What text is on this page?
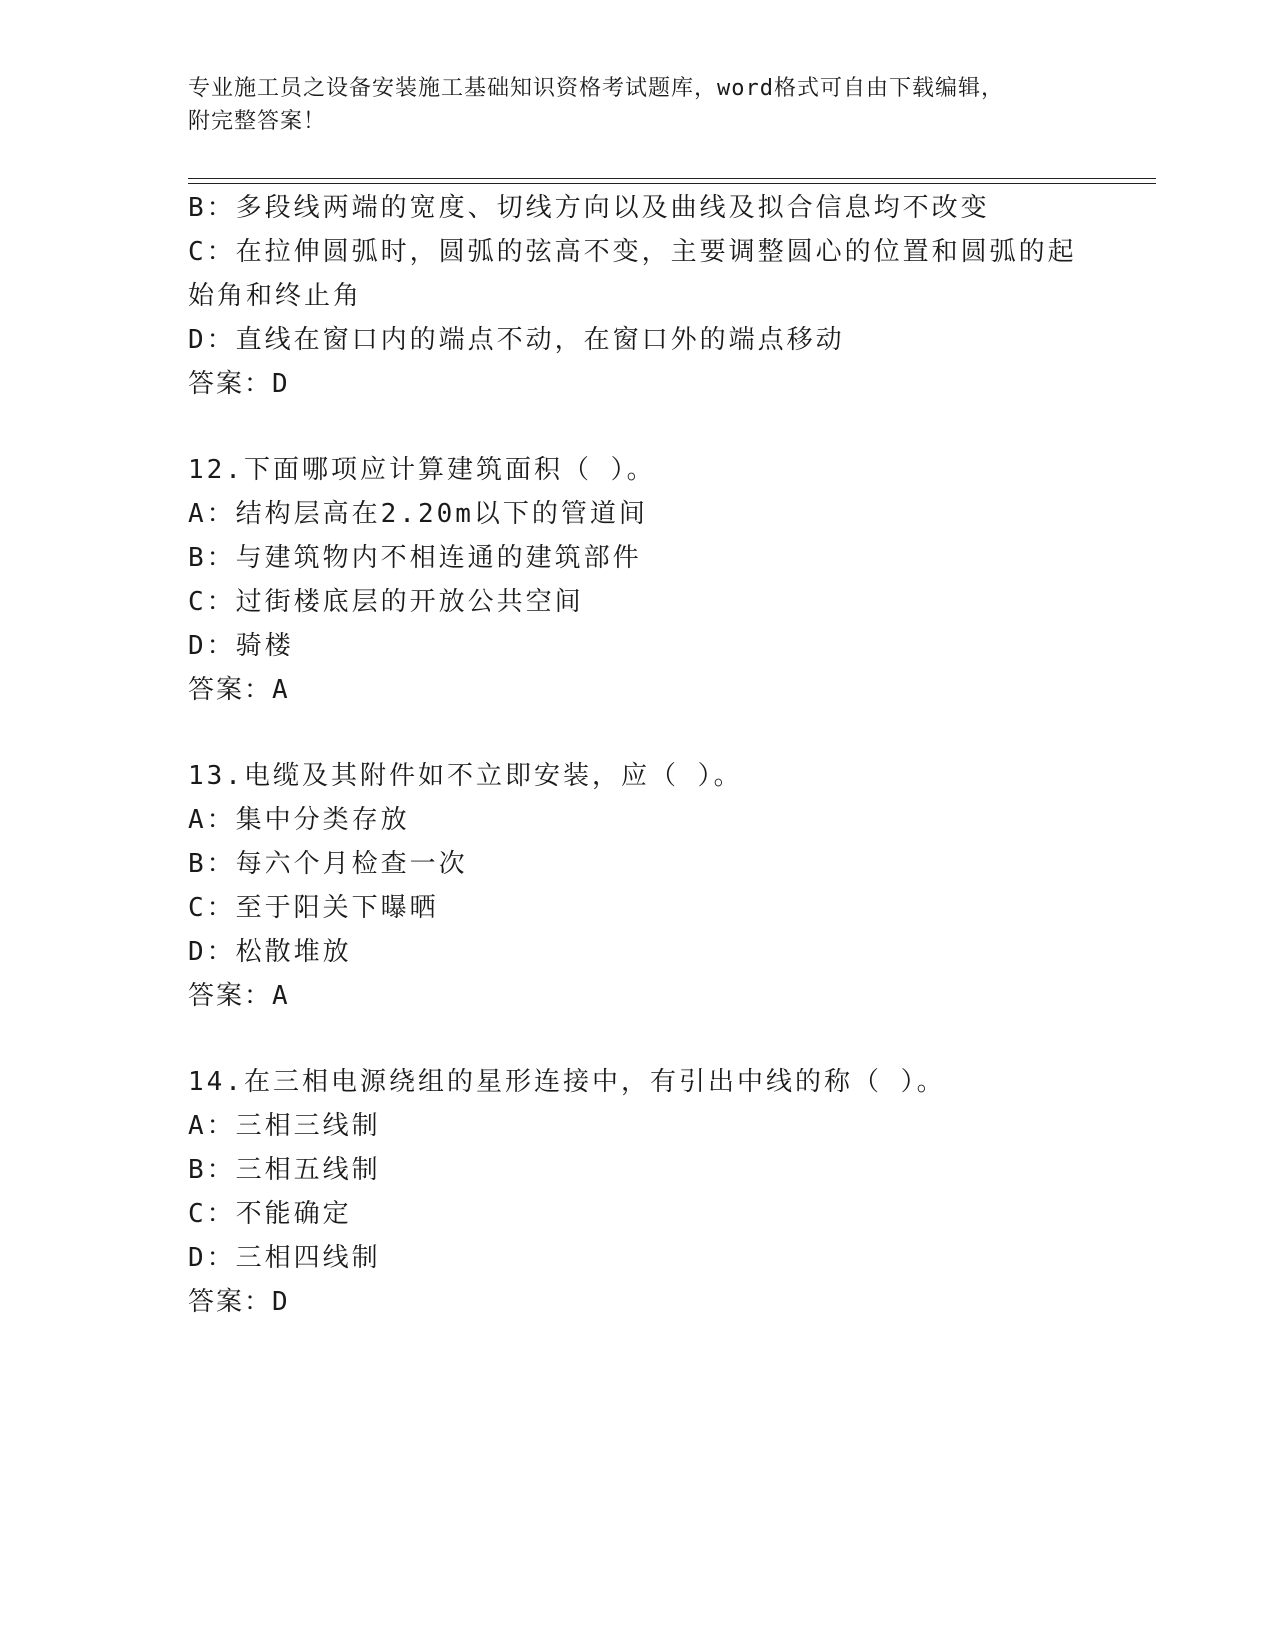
专业施工员之设备安装施工基础知识资格考试题库，word格式可自由下载编辑，
附完整答案！
B：多段线两端的宽度、切线方向以及曲线及拟合信息均不改变
C：在拉伸圆弧时，圆弧的弦高不变，主要调整圆心的位置和圆弧的起
始角和终止角
D：直线在窗口内的端点不动，在窗口外的端点移动
答案：D
12.下面哪项应计算建筑面积（ ）。
A：结构层高在2.20m以下的管道间
B：与建筑物内不相连通的建筑部件
C：过街楼底层的开放公共空间
D：骑楼
答案：A
13.电缆及其附件如不立即安装，应（ ）。
A：集中分类存放
B：每六个月检查一次
C：至于阳关下曝晒
D：松散堆放
答案：A
14.在三相电源绕组的星形连接中，有引出中线的称（ ）。
A：三相三线制
B：三相五线制
C：不能确定
D：三相四线制
答案：D
